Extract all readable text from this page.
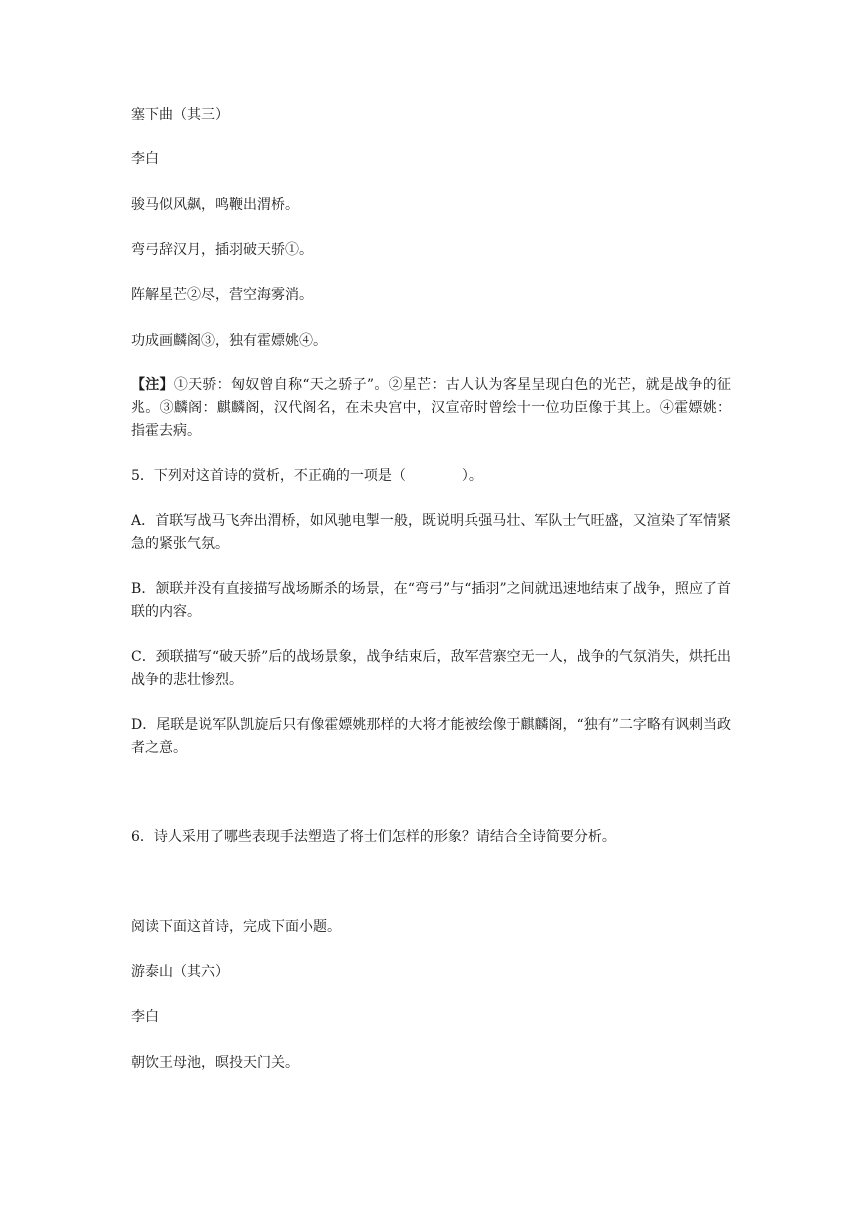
塞下曲（其三）
李白
骏马似风飙，鸣鞭出渭桥。
弯弓辞汉月，插羽破天骄①。
阵解星芒②尽，营空海雾消。
功成画麟阁③，独有霍嫖姚④。
【注】①天骄：匈奴曾自称“天之骄子”。②星芒：古人认为客星呈现白色的光芒，就是战争的征兆。③麟阁：麒麟阁，汉代阁名，在未央宫中，汉宣帝时曾绘十一位功臣像于其上。④霍嫖姚：指霍去病。
5．下列对这首诗的赏析，不正确的一项是（　　　　）。
A．首联写战马飞奔出渭桥，如风驰电掣一般，既说明兵强马壮、军队士气旺盛，又渲染了军情紧急的紧张气氛。
B．颔联并没有直接描写战场厮杀的场景，在“弯弓”与“插羽”之间就迅速地结束了战争，照应了首联的内容。
C．颈联描写“破天骄”后的战场景象，战争结束后，敌军营寨空无一人，战争的气氛消失，烘托出战争的悲壮惨烈。
D．尾联是说军队凯旋后只有像霍嫖姚那样的大将才能被绘像于麒麟阁，“独有”二字略有讽刺当政者之意。
6．诗人采用了哪些表现手法塑造了将士们怎样的形象？请结合全诗简要分析。
阅读下面这首诗，完成下面小题。
游泰山（其六）
李白
朝饮王母池，暝投天门关。
